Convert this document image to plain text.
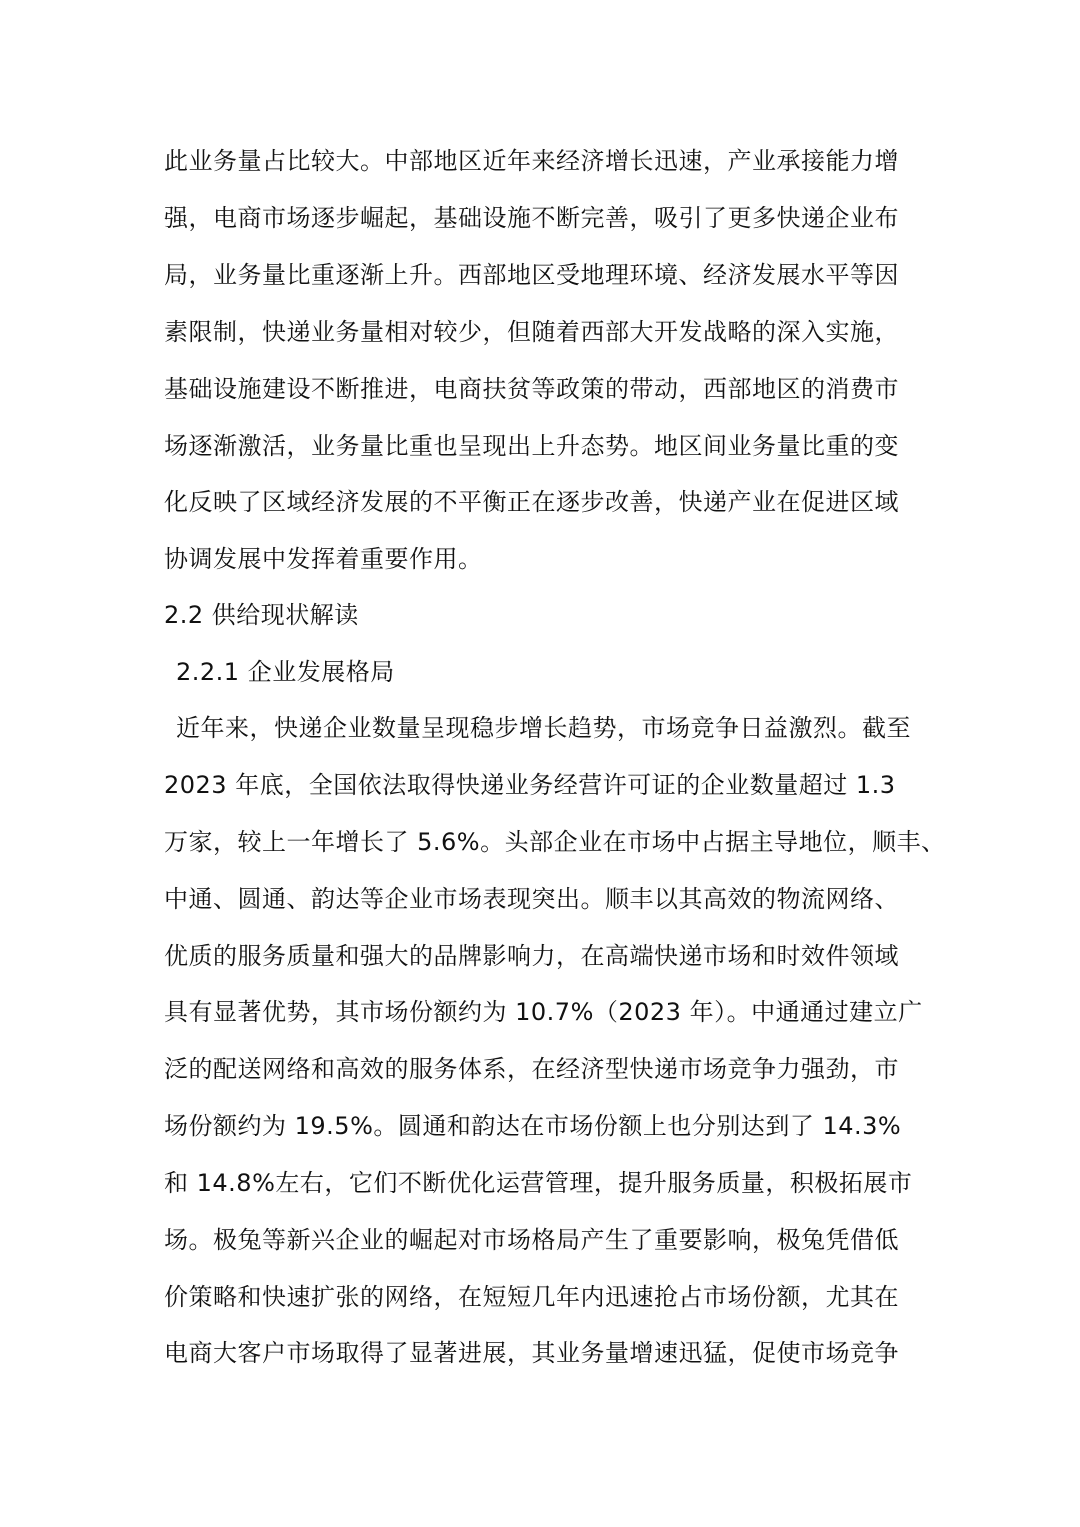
此业务量占比较大。中部地区近年来经济增长迅速，产业承接能力增
强，电商市场逐步崛起，基础设施不断完善，吸引了更多快递企业布
局，业务量比重逐渐上升。西部地区受地理环境、经济发展水平等因
素限制，快递业务量相对较少，但随着西部大开发战略的深入实施，
基础设施建设不断推进，电商扶贫等政策的带动，西部地区的消费市
场逐渐激活，业务量比重也呈现出上升态势。地区间业务量比重的变
化反映了区域经济发展的不平衡正在逐步改善，快递产业在促进区域
协调发展中发挥着重要作用。
2.2 供给现状解读
2.2.1 企业发展格局
近年来，快递企业数量呈现稳步增长趋势，市场竞争日益激烈。截至
2023 年底，全国依法取得快递业务经营许可证的企业数量超过 1.3
万家，较上一年增长了 5.6%。头部企业在市场中占据主导地位，顺丰、
中通、圆通、韵达等企业市场表现突出。顺丰以其高效的物流网络、
优质的服务质量和强大的品牌影响力，在高端快递市场和时效件领域
具有显著优势，其市场份额约为 10.7%（2023 年）。中通通过建立广
泛的配送网络和高效的服务体系，在经济型快递市场竞争力强劲，市
场份额约为 19.5%。圆通和韵达在市场份额上也分别达到了 14.3%
和 14.8%左右，它们不断优化运营管理，提升服务质量，积极拓展市
场。极兔等新兴企业的崛起对市场格局产生了重要影响，极兔凭借低
价策略和快速扩张的网络，在短短几年内迅速抢占市场份额，尤其在
电商大客户市场取得了显著进展，其业务量增速迅猛，促使市场竞争
